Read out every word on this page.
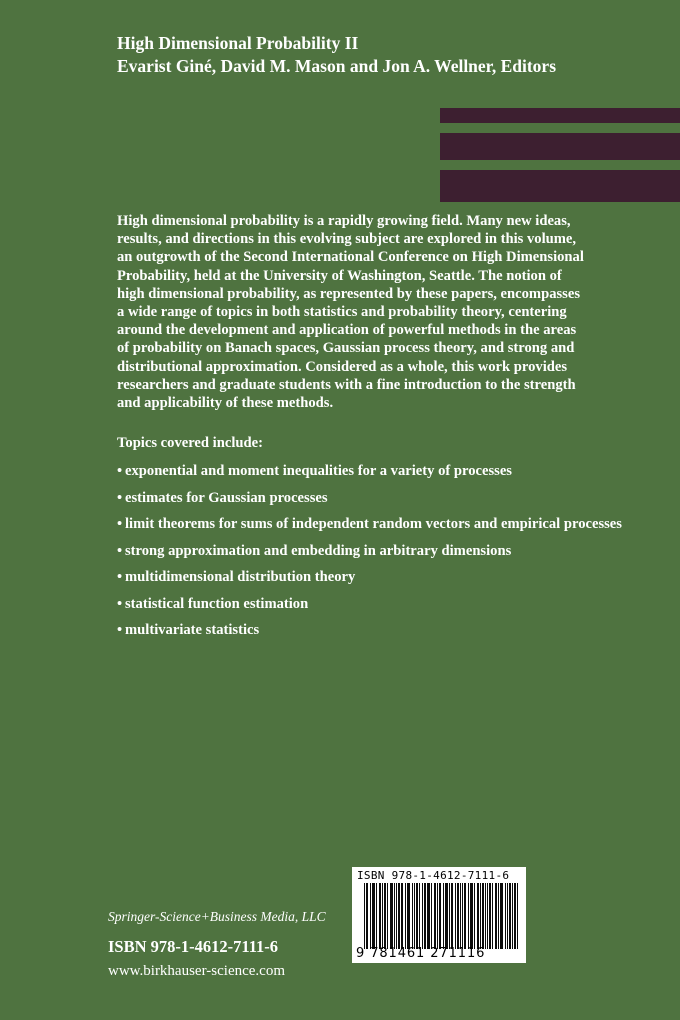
High Dimensional Probability II
Evarist Giné, David M. Mason and Jon A. Wellner, Editors
High dimensional probability is a rapidly growing field. Many new ideas,
results, and directions in this evolving subject are explored in this volume,
an outgrowth of the Second International Conference on High Dimensional
Probability, held at the University of Washington, Seattle. The notion of
high dimensional probability, as represented by these papers, encompasses
a wide range of topics in both statistics and probability theory, centering
around the development and application of powerful methods in the areas
of probability on Banach spaces, Gaussian process theory, and strong and
distributional approximation. Considered as a whole, this work provides
researchers and graduate students with a fine introduction to the strength
and applicability of these methods.
Topics covered include:
• exponential and moment inequalities for a variety of processes
• estimates for Gaussian processes
• limit theorems for sums of independent random vectors and empirical processes
• strong approximation and embedding in arbitrary dimensions
• multidimensional distribution theory
• statistical function estimation
• multivariate statistics
Springer-Science+Business Media, LLC
ISBN 978-1-4612-7111-6
www.birkhauser-science.com
ISBN 978-1-4612-7111-6
9 781461 271116
